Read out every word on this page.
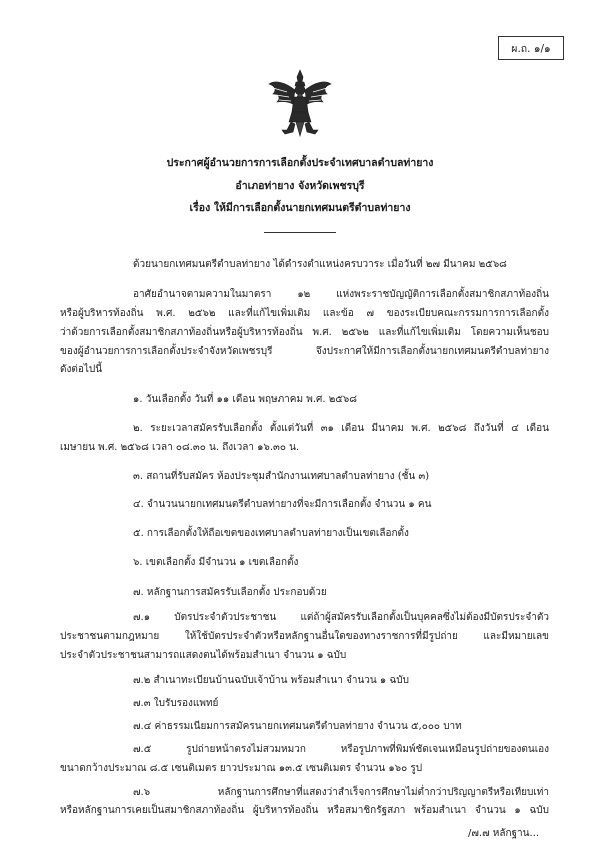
ผ.ถ. ๑/๑
ประกาศผู้อำนวยการการเลือกตั้งประจำเทศบาลตำบลท่ายาง
อำเภอท่ายาง จังหวัดเพชรบุรี
เรื่อง ให้มีการเลือกตั้งนายกเทศมนตรีตำบลท่ายาง
ด้วยนายกเทศมนตรีตำบลท่ายาง ได้ดำรงตำแหน่งครบวาระ เมื่อวันที่ ๒๗ มีนาคม ๒๕๖๘
อาศัยอำนาจตามความในมาตรา ๑๒ แห่งพระราชบัญญัติการเลือกตั้งสมาชิกสภาท้องถิ่น
หรือผู้บริหารท้องถิ่น พ.ศ. ๒๕๖๒ และที่แก้ไขเพิ่มเติม และข้อ ๗ ของระเบียบคณะกรรมการการเลือกตั้ง
ว่าด้วยการเลือกตั้งสมาชิกสภาท้องถิ่นหรือผู้บริหารท้องถิ่น พ.ศ. ๒๕๖๒ และที่แก้ไขเพิ่มเติม โดยความเห็นชอบ
ของผู้อำนวยการการเลือกตั้งประจำจังหวัดเพชรบุรี จึงประกาศให้มีการเลือกตั้งนายกเทศมนตรีตำบลท่ายาง
ดังต่อไปนี้
๑. วันเลือกตั้ง วันที่ ๑๑ เดือน พฤษภาคม พ.ศ. ๒๕๖๘
๒. ระยะเวลาสมัครรับเลือกตั้ง ตั้งแต่วันที่ ๓๑ เดือน มีนาคม พ.ศ. ๒๕๖๘ ถึงวันที่ ๔ เดือน
เมษายน พ.ศ. ๒๕๖๘ เวลา ๐๘.๓๐ น. ถึงเวลา ๑๖.๓๐ น.
๓. สถานที่รับสมัคร ห้องประชุมสำนักงานเทศบาลตำบลท่ายาง (ชั้น ๓)
๔. จำนวนนายกเทศมนตรีตำบลท่ายางที่จะมีการเลือกตั้ง จำนวน ๑ คน
๕. การเลือกตั้งให้ถือเขตของเทศบาลตำบลท่ายางเป็นเขตเลือกตั้ง
๖. เขตเลือกตั้ง มีจำนวน ๑ เขตเลือกตั้ง
๗. หลักฐานการสมัครรับเลือกตั้ง ประกอบด้วย
๗.๑ บัตรประจำตัวประชาชน แต่ถ้าผู้สมัครรับเลือกตั้งเป็นบุคคลซึ่งไม่ต้องมีบัตรประจำตัว
ประชาชนตามกฎหมาย ให้ใช้บัตรประจำตัวหรือหลักฐานอื่นใดของทางราชการที่มีรูปถ่าย และมีหมายเลข
ประจำตัวประชาชนสามารถแสดงตนได้พร้อมสำเนา จำนวน ๑ ฉบับ
๗.๒ สำเนาทะเบียนบ้านฉบับเจ้าบ้าน พร้อมสำเนา จำนวน ๑ ฉบับ
๗.๓ ใบรับรองแพทย์
๗.๔ ค่าธรรมเนียมการสมัครนายกเทศมนตรีตำบลท่ายาง จำนวน ๕,๐๐๐ บาท
๗.๕ รูปถ่ายหน้าตรงไม่สวมหมวก หรือรูปภาพที่พิมพ์ชัดเจนเหมือนรูปถ่ายของตนเอง
ขนาดกว้างประมาณ ๘.๕ เซนติเมตร ยาวประมาณ ๑๓.๕ เซนติเมตร จำนวน ๑๖๐ รูป
๗.๖ หลักฐานการศึกษาที่แสดงว่าสำเร็จการศึกษาไม่ต่ำกว่าปริญญาตรีหรือเทียบเท่า
หรือหลักฐานการเคยเป็นสมาชิกสภาท้องถิ่น ผู้บริหารท้องถิ่น หรือสมาชิกรัฐสภา พร้อมสำเนา จำนวน ๑ ฉบับ
/๗.๗ หลักฐาน...
